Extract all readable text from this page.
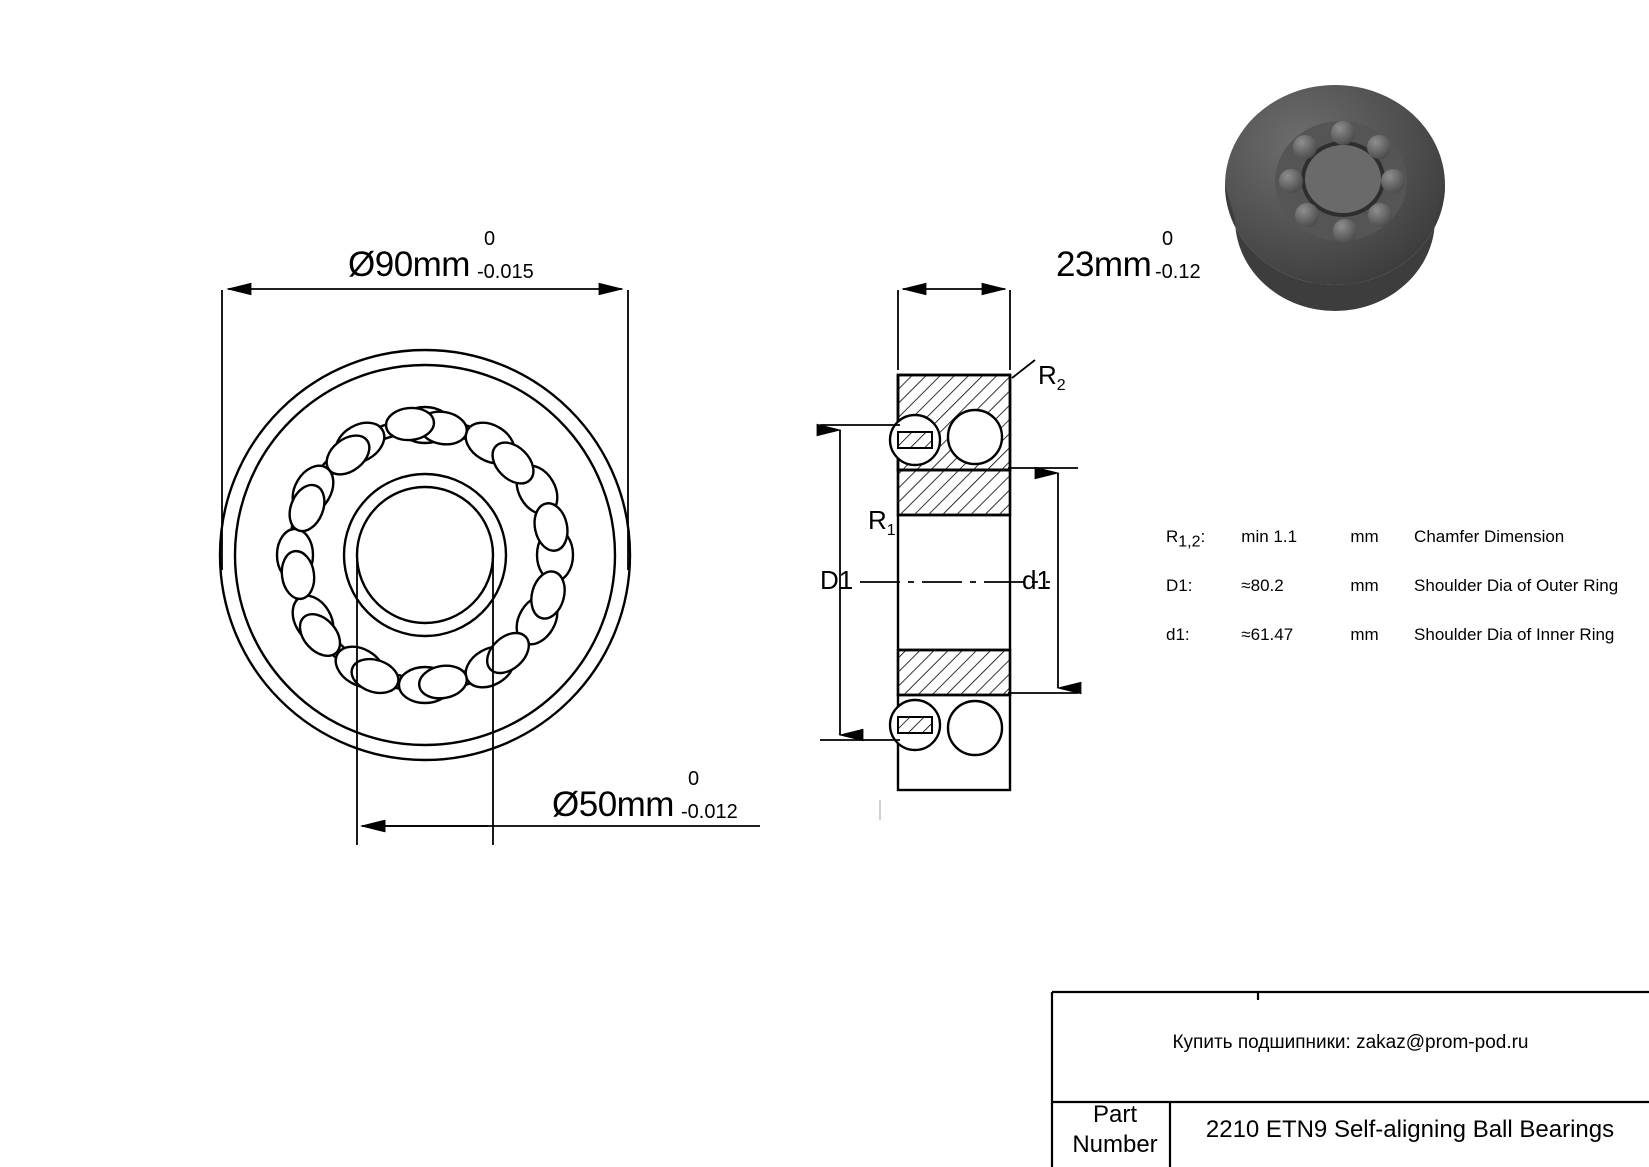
Ø90mm
0
-0.015
Ø50mm
0
-0.012
23mm
0
-0.12
$R_2$
$R_1$
D1	d1
R1,2:	min 1.1	mm	Chamfer Dimension
D1:	≈80.2	mm	Shoulder Dia of Outer Ring
d1:	≈61.47	mm	Shoulder Dia of Inner Ring
Купить подшипники: zakaz@prom-pod.ru
Part
Number
2210 ETN9 Self-aligning Ball Bearings
